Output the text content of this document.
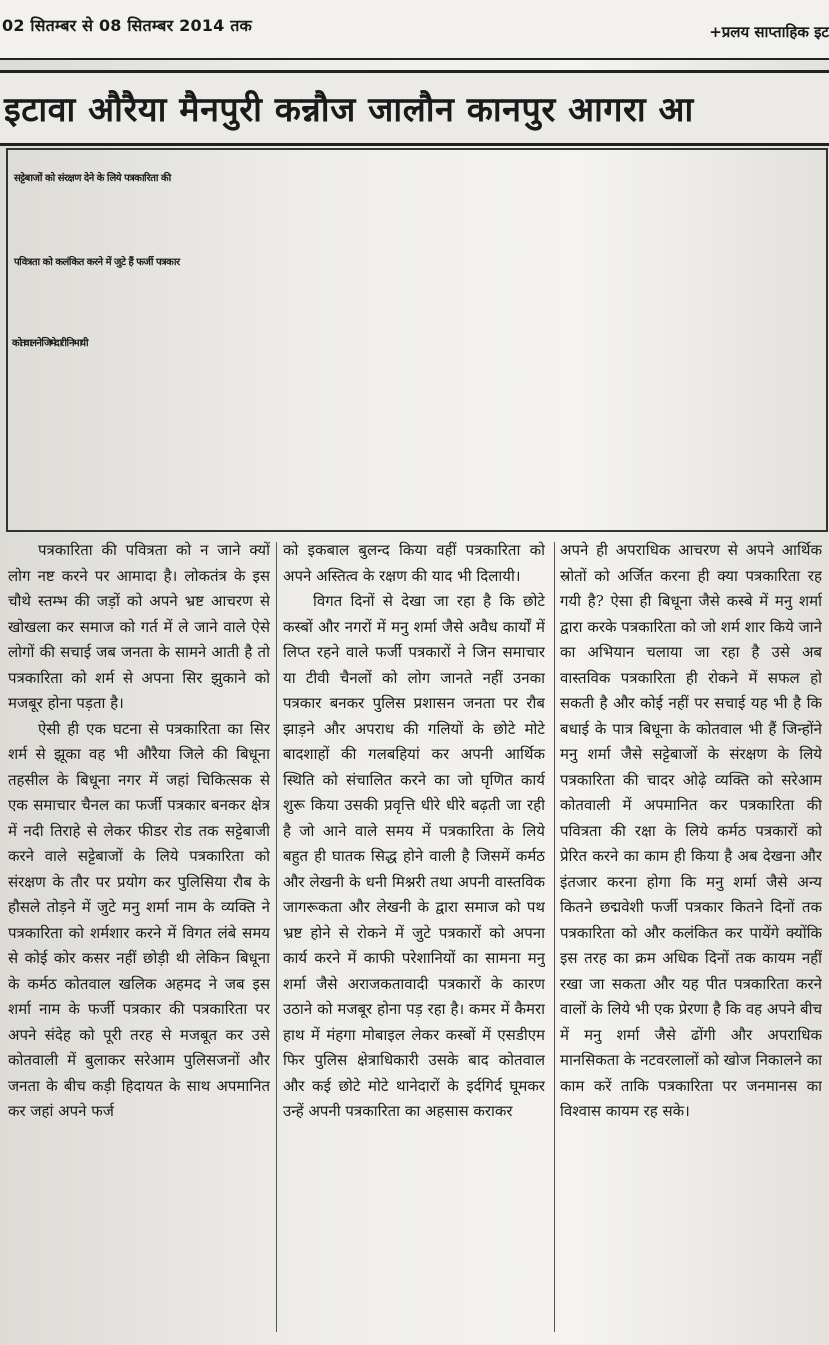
02 सितम्बर से 08 सितम्बर 2014 तक	+प्रलय साप्ताहिक इट
इटावा औरैया मैनपुरी कन्नौज जालौन कानपुर आगरा आ
सट्टेबाजों को संरक्षण देने के लिये पत्रकारिता की
पवित्रता को कलंकित करने में जुटे हैं फर्जी पत्रकार
कोतवाल ने जिम्मेदारी निभायी

पत्रकारिता की पवित्रता को न जाने क्यों लोग नष्ट करने पर आमादा है। लोकतंत्र के इस चौथे स्तम्भ की जड़ों को अपने भ्रष्ट आचरण से खोखला कर समाज को गर्त में ले जाने वाले ऐसे लोगों की सचाई जब जनता के सामने आती है तो पत्रकारिता को शर्म से अपना सिर झुकाने को मजबूर होना पड़ता है।

ऐसी ही एक घटना से पत्रकारिता का सिर शर्म से झूका वह भी औरैया जिले की बिधूना तहसील के बिधूना नगर में जहां चिकित्सक से एक समाचार चैनल का फर्जी पत्रकार बनकर क्षेत्र में नदी तिराहे से लेकर फीडर रोड तक सट्टेबाजी करने वाले सट्टेबाजों के लिये पत्रकारिता को संरक्षण के तौर पर प्रयोग कर पुलिसिया रौब के हौसले तोड़ने में जुटे मनु शर्मा नाम के व्यक्ति ने पत्रकारिता को शर्मशार करने में विगत लंबे समय से कोई कोर कसर नहीं छोड़ी थी लेकिन बिधूना के कर्मठ कोतवाल खलिक अहमद ने जब इस शर्मा नाम के फर्जी पत्रकार की पत्रकारिता पर अपने संदेह को पूरी तरह से मजबूत कर उसे कोतवाली में बुलाकर सरेआम पुलिसजनों और जनता के बीच कड़ी हिदायत के साथ अपमानित कर जहां अपने फर्ज

को इकबाल बुलन्द किया वहीं पत्रकारिता को अपने अस्तित्व के रक्षण की याद भी दिलायी।

विगत दिनों से देखा जा रहा है कि छोटे कस्बों और नगरों में मनु शर्मा जैसे अवैध कार्यों में लिप्त रहने वाले फर्जी पत्रकारों ने जिन समाचार या टीवी चैनलों को लोग जानते नहीं उनका पत्रकार बनकर पुलिस प्रशासन जनता पर रौब झाड़ने और अपराध की गलियों के छोटे मोटे बादशाहों की गलबहियां कर अपनी आर्थिक स्थिति को संचालित करने का जो घृणित कार्य शुरू किया उसकी प्रवृत्ति धीरे धीरे बढ़ती जा रही है जो आने वाले समय में पत्रकारिता के लिये बहुत ही घातक सिद्ध होने वाली है जिसमें कर्मठ और लेखनी के धनी मिश्नरी तथा अपनी वास्तविक जागरूकता और लेखनी के द्वारा समाज को पथ भ्रष्ट होने से रोकने में जुटे पत्रकारों को अपना कार्य करने में काफी परेशानियों का सामना मनु शर्मा जैसे अराजकतावादी पत्रकारों के कारण उठाने को मजबूर होना पड़ रहा है। कमर में कैमरा हाथ में मंहगा मोबाइल लेकर कस्बों में एसडीएम फिर पुलिस क्षेत्राधिकारी उसके बाद कोतवाल और कई छोटे मोटे थानेदारों के इर्दगिर्द घूमकर उन्हें अपनी पत्रकारिता का अहसास कराकर

अपने ही अपराधिक आचरण से अपने आर्थिक स्रोतों को अर्जित करना ही क्या पत्रकारिता रह गयी है? ऐसा ही बिधूना जैसे कस्बे में मनु शर्मा द्वारा करके पत्रकारिता को जो शर्म शार किये जाने का अभियान चलाया जा रहा है उसे अब वास्तविक पत्रकारिता ही रोकने में सफल हो सकती है और कोई नहीं पर सचाई यह भी है कि बधाई के पात्र बिधूना के कोतवाल भी हैं जिन्होंने मनु शर्मा जैसे सट्टेबाजों के संरक्षण के लिये पत्रकारिता की चादर ओढ़े व्यक्ति को सरेआम कोतवाली में अपमानित कर पत्रकारिता की पवित्रता की रक्षा के लिये कर्मठ पत्रकारों को प्रेरित करने का काम ही किया है अब देखना और इंतजार करना होगा कि मनु शर्मा जैसे अन्य कितने छद्मवेशी फर्जी पत्रकार कितने दिनों तक पत्रकारिता को और कलंकित कर पायेंगे क्योंकि इस तरह का क्रम अधिक दिनों तक कायम नहीं रखा जा सकता और यह पीत पत्रकारिता करने वालों के लिये भी एक प्रेरणा है कि वह अपने बीच में मनु शर्मा जैसे ढोंगी और अपराधिक मानसिकता के नटवरलालों को खोज निकालने का काम करें ताकि पत्रकारिता पर जनमानस का विश्वास कायम रह सके।
